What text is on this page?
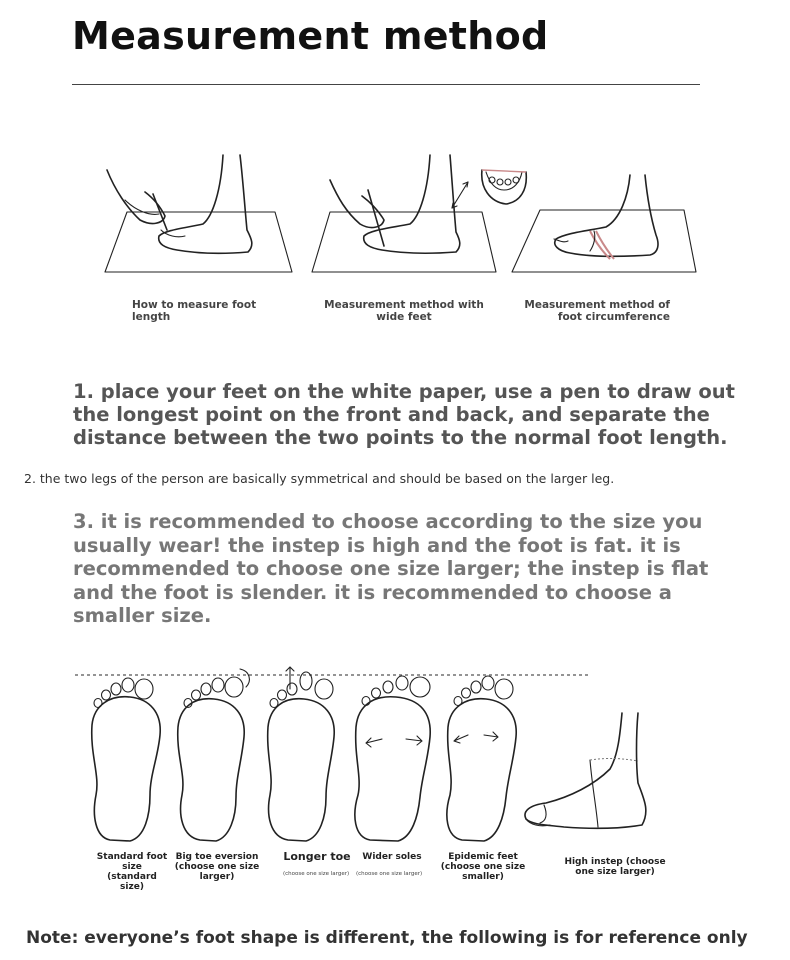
Measurement method
How to measure foot
length
Measurement method with
wide feet
Measurement method of
foot circumference
1. place your feet on the white paper, use a pen to draw out the longest point on the front and back, and separate the distance between the two points to the normal foot length.
2. the two legs of the person are basically symmetrical and should be based on the larger leg.
3. it is recommended to choose according to the size you usually wear! the instep is high and the foot is fat. it is recommended to choose one size larger; the instep is flat and the foot is slender. it is recommended to choose a smaller size.
Standard foot
size (standard
size)
Big toe eversion
(choose one size
larger)
Longer toe
(choose one size larger)
Wider soles
(choose one size larger)
Epidemic feet
(choose one size
smaller)
High instep (choose
one size larger)
Note: everyone’s foot shape is different, the following is for reference only
